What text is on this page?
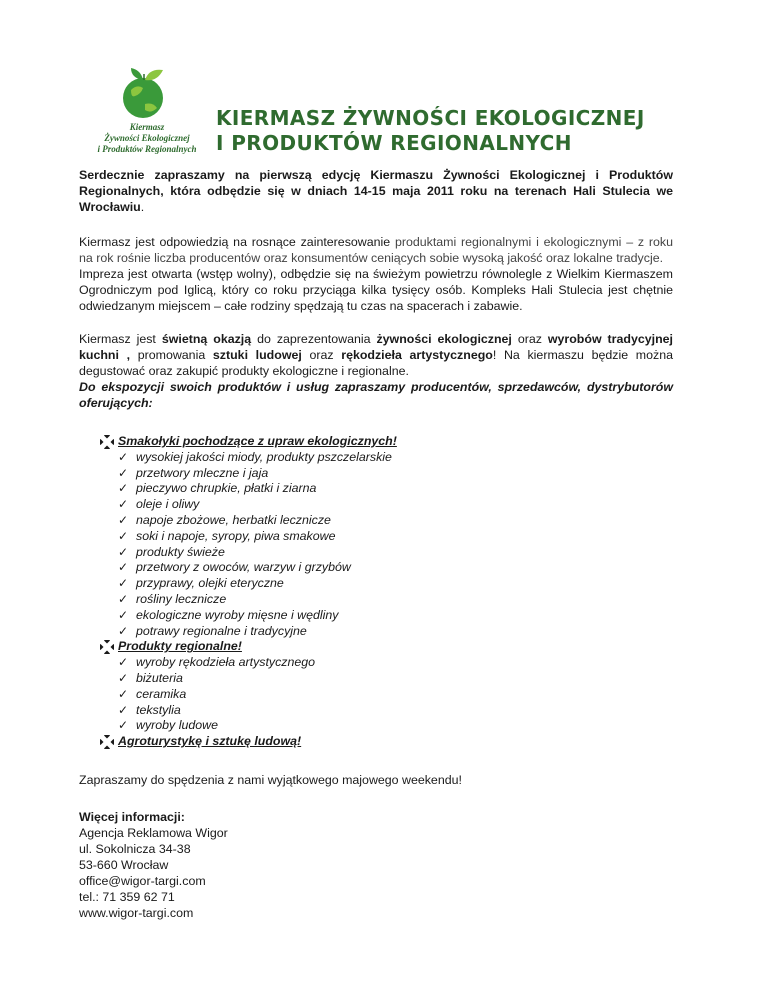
Kiermasz
Żywności Ekologicznej
i Produktów Regionalnych
KIERMASZ ŻYWNOŚCI EKOLOGICZNEJ
I PRODUKTÓW REGIONALNYCH

Serdecznie zapraszamy na pierwszą edycję Kiermaszu Żywności Ekologicznej i Produktów Regionalnych, która odbędzie się w dniach 14-15 maja 2011 roku na terenach Hali Stulecia we Wrocławiu.

Kiermasz jest odpowiedzią na rosnące zainteresowanie produktami regionalnymi i ekologicznymi – z roku na rok rośnie liczba producentów oraz konsumentów ceniących sobie wysoką jakość oraz lokalne tradycje.
Impreza jest otwarta (wstęp wolny), odbędzie się na świeżym powietrzu równolegle z Wielkim Kiermaszem Ogrodniczym pod Iglicą, który co roku przyciąga kilka tysięcy osób. Kompleks Hali Stulecia jest chętnie odwiedzanym miejscem – całe rodziny spędzają tu czas na spacerach i zabawie.

Kiermasz jest świetną okazją do zaprezentowania żywności ekologicznej oraz wyrobów tradycyjnej kuchni , promowania sztuki ludowej oraz rękodzieła artystycznego! Na kiermaszu będzie można degustować oraz zakupić produkty ekologiczne i regionalne.
Do ekspozycji swoich produktów i usług zapraszamy producentów, sprzedawców, dystrybutorów oferujących:

Smakołyki pochodzące z upraw ekologicznych!
✓ wysokiej jakości miody, produkty pszczelarskie
✓ przetwory mleczne i jaja
✓ pieczywo chrupkie, płatki i ziarna
✓ oleje i oliwy
✓ napoje zbożowe, herbatki lecznicze
✓ soki i napoje, syropy, piwa smakowe
✓ produkty świeże
✓ przetwory z owoców, warzyw i grzybów
✓ przyprawy, olejki eteryczne
✓ rośliny lecznicze
✓ ekologiczne wyroby mięsne i wędliny
✓ potrawy regionalne i tradycyjne
Produkty regionalne!
✓ wyroby rękodzieła artystycznego
✓ biżuteria
✓ ceramika
✓ tekstylia
✓ wyroby ludowe
Agroturystykę i sztukę ludową!

Zapraszamy do spędzenia z nami wyjątkowego majowego weekendu!

Więcej informacji:
Agencja Reklamowa Wigor
ul. Sokolnicza 34-38
53-660 Wrocław
office@wigor-targi.com
tel.: 71 359 62 71
www.wigor-targi.com
